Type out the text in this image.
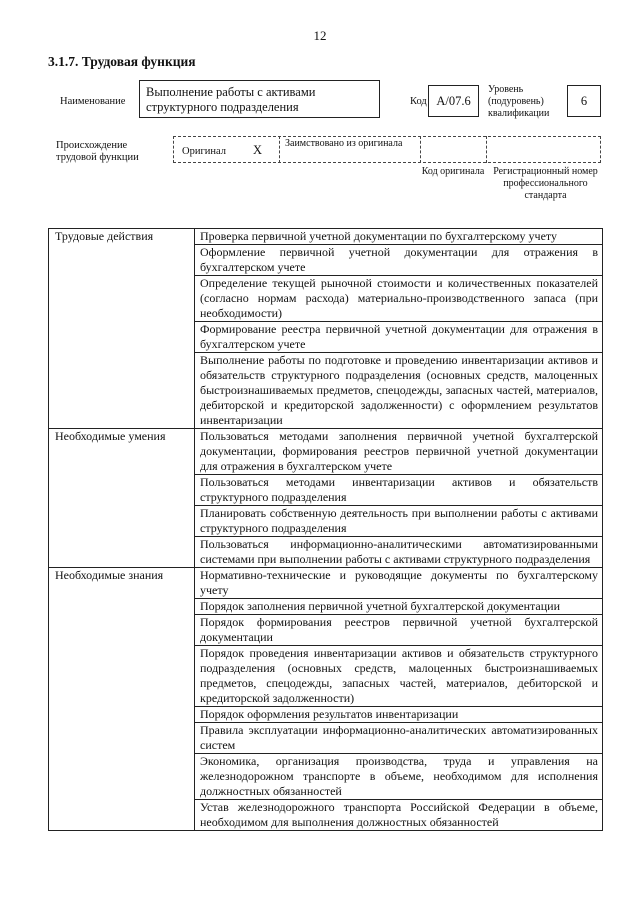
12
3.1.7. Трудовая функция
Наименование
Выполнение работы с активами структурного подразделения	Код А/07.6
Уровень (подуровень) квалификации
6
Происхождение трудовой функции
Оригинал Х Заимствовано из оригинала
Код оригинала Регистрационный номер профессионального стандарта
Трудовые действия	Проверка первичной учетной документации по бухгалтерскому учету
	Оформление первичной учетной документации для отражения в бухгалтерском учете
	Определение текущей рыночной стоимости и количественных показателей (согласно нормам расхода) материально-производственного запаса (при необходимости)
	Формирование реестра первичной учетной документации для отражения в бухгалтерском учете
	Выполнение работы по подготовке и проведению инвентаризации активов и обязательств структурного подразделения (основных средств, малоценных быстроизнашиваемых предметов, спецодежды, запасных частей, материалов, дебиторской и кредиторской задолженности) с оформлением результатов инвентаризации
Необходимые умения	Пользоваться методами заполнения первичной учетной бухгалтерской документации, формирования реестров первичной учетной документации для отражения в бухгалтерском учете
	Пользоваться методами инвентаризации активов и обязательств структурного подразделения
	Планировать собственную деятельность при выполнении работы с активами структурного подразделения
	Пользоваться информационно-аналитическими автоматизированными системами при выполнении работы с активами структурного подразделения
Необходимые знания	Нормативно-технические и руководящие документы по бухгалтерскому учету
	Порядок заполнения первичной учетной бухгалтерской документации
	Порядок формирования реестров первичной учетной бухгалтерской документации
	Порядок проведения инвентаризации активов и обязательств структурного подразделения (основных средств, малоценных быстроизнашиваемых предметов, спецодежды, запасных частей, материалов, дебиторской и кредиторской задолженности)
	Порядок оформления результатов инвентаризации
	Правила эксплуатации информационно-аналитических автоматизированных систем
	Экономика, организация производства, труда и управления на железнодорожном транспорте в объеме, необходимом для исполнения должностных обязанностей
	Устав железнодорожного транспорта Российской Федерации в объеме, необходимом для выполнения должностных обязанностей
